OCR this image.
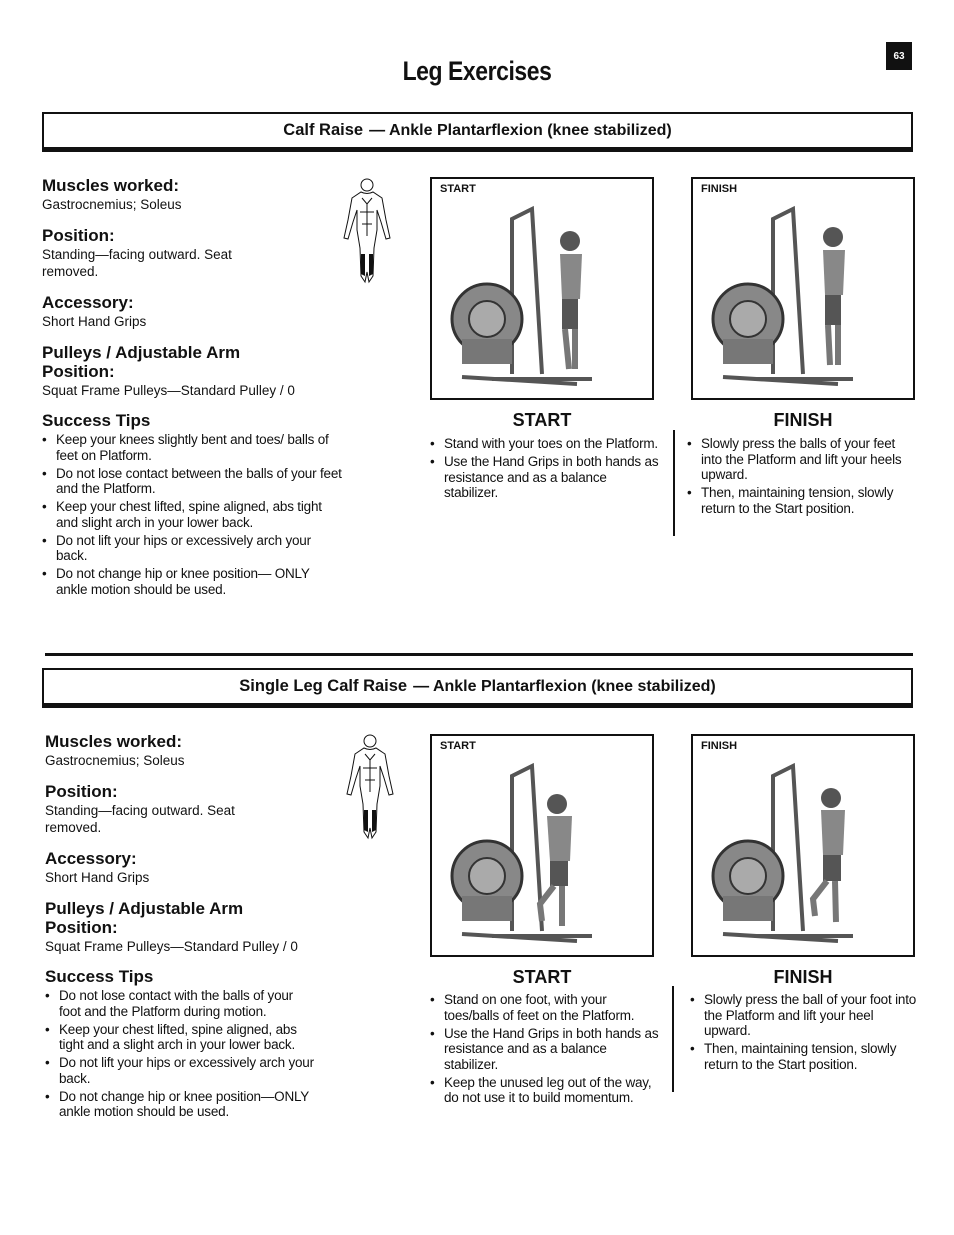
63
Leg Exercises
Calf Raise — Ankle Plantarflexion (knee stabilized)
Muscles worked:
Gastrocnemius; Soleus
Position:
Standing—facing outward. Seat removed.
Accessory:
Short Hand Grips
Pulleys / Adjustable Arm
Position:
Squat Frame Pulleys—Standard Pulley / 0
Success Tips
• Keep your knees slightly bent and toes/ balls of feet on Platform.
• Do not lose contact between the balls of your feet and the Platform.
• Keep your chest lifted, spine aligned, abs tight and slight arch in your lower back.
• Do not lift your hips or excessively arch your back.
• Do not change hip or knee position— ONLY ankle motion should be used.
START	FINISH
START	FINISH
• Stand with your toes on the Platform.
• Use the Hand Grips in both hands as resistance and as a balance stabilizer.
• Slowly press the balls of your feet into the Platform and lift your heels upward.
• Then, maintaining tension, slowly return to the Start position.
Single Leg Calf Raise — Ankle Plantarflexion (knee stabilized)
Muscles worked:
Gastrocnemius; Soleus
Position:
Standing—facing outward. Seat removed.
Accessory:
Short Hand Grips
Pulleys / Adjustable Arm
Position:
Squat Frame Pulleys—Standard Pulley / 0
Success Tips
• Do not lose contact with the balls of your foot and the Platform during motion.
• Keep your chest lifted, spine aligned, abs tight and a slight arch in your lower back.
• Do not lift your hips or excessively arch your back.
• Do not change hip or knee position—ONLY ankle motion should be used.
START	FINISH
START	FINISH
• Stand on one foot, with your toes/balls of feet on the Platform.
• Use the Hand Grips in both hands as resistance and as a balance stabilizer.
• Keep the unused leg out of the way, do not use it to build momentum.
• Slowly press the ball of your foot into the Platform and lift your heel upward.
• Then, maintaining tension, slowly return to the Start position.
